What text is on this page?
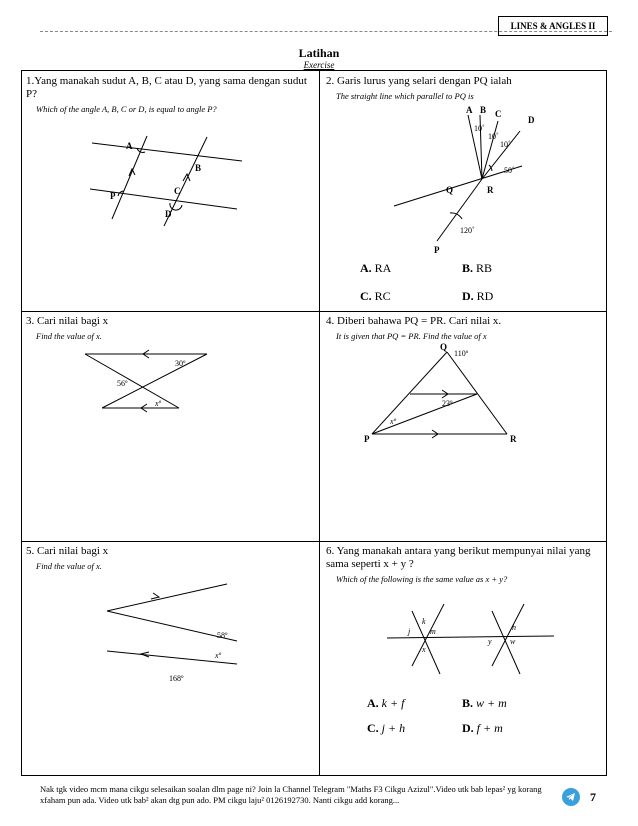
LINES & ANGLES II
Latihan
Exercise
1.Yang manakah sudut A, B, C atau D, yang sama dengan sudut P?
Which of the angle A, B, C or D, is equal to angle P?
A
B
P	C
D
2. Garis lurus yang selari dengan PQ ialah
The straight line which parallel to PQ is
A B C
D
10˚
10˚
10˚
50˚
Q	R
120˚
P
A. RA	B. RB
C. RC	D. RD
3. Cari nilai bagi x
Find the value of x.
30º
56º
xº
4. Diberi bahawa PQ = PR. Cari nilai x.
It is given that PQ = PR. Find the value of x
Q
110º
23º
xº
P	R
5. Cari nilai bagi x
Find the value of x.
168º
58º
xº
6. Yang manakah antara yang berikut mempunyai nilai yang sama seperti x + y ?
Which of the following is the same value as x + y?
k
j m
x
y
h
w
A. k + f	B. w + m
C. j + h	D. f + m
Nak tgk video mcm mana cikgu selesaikan soalan dlm page ni? Join la Channel Telegram "Maths F3 Cikgu Azizul".Video utk bab lepas² yg korang xfaham pun ada. Video utk bab² akan dtg pun ado. PM cikgu laju² 0126192730. Nanti cikgu add korang...	7
